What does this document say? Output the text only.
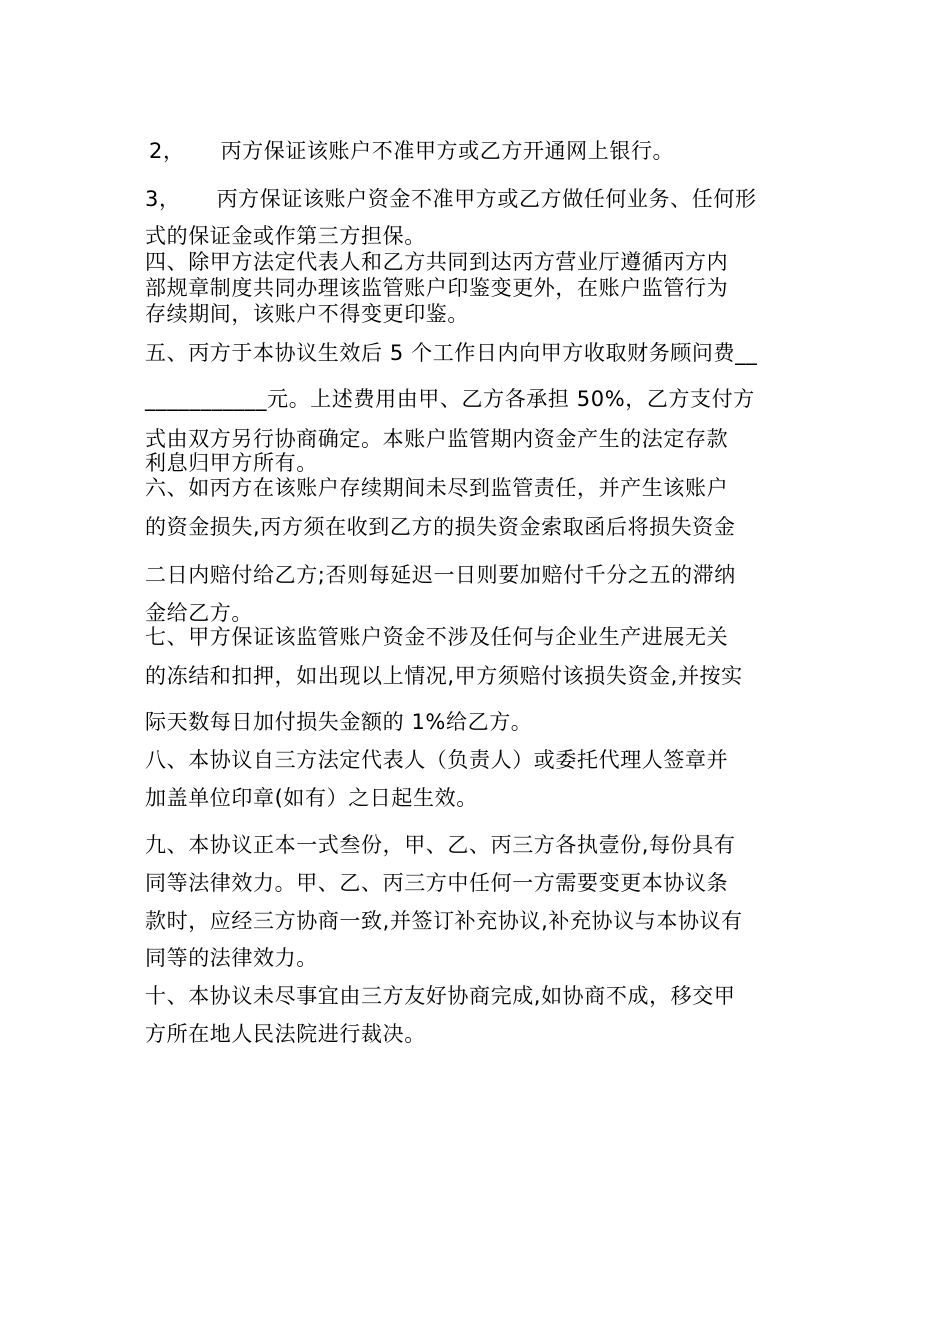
2， 丙方保证该账户不准甲方或乙方开通网上银行。
3， 丙方保证该账户资金不准甲方或乙方做任何业务、任何形
式的保证金或作第三方担保。
四、除甲方法定代表人和乙方共同到达丙方营业厅遵循丙方内
部规章制度共同办理该监管账户印鉴变更外，在账户监管行为
存续期间，该账户不得变更印鉴。
五、丙方于本协议生效后 5 个工作日内向甲方收取财务顾问费__
___________元。上述费用由甲、乙方各承担 50%，乙方支付方
式由双方另行协商确定。本账户监管期内资金产生的法定存款
利息归甲方所有。
六、如丙方在该账户存续期间未尽到监管责任，并产生该账户
的资金损失,丙方须在收到乙方的损失资金索取函后将损失资金
二日内赔付给乙方;否则每延迟一日则要加赔付千分之五的滞纳
金给乙方。
七、甲方保证该监管账户资金不涉及任何与企业生产进展无关
的冻结和扣押，如出现以上情况,甲方须赔付该损失资金,并按实
际天数每日加付损失金额的 1%给乙方。
八、本协议自三方法定代表人（负责人）或委托代理人签章并
加盖单位印章(如有）之日起生效。
九、本协议正本一式叁份，甲、乙、丙三方各执壹份,每份具有
同等法律效力。甲、乙、丙三方中任何一方需要变更本协议条
款时，应经三方协商一致,并签订补充协议,补充协议与本协议有
同等的法律效力。
十、本协议未尽事宜由三方友好协商完成,如协商不成，移交甲
方所在地人民法院进行裁决。
